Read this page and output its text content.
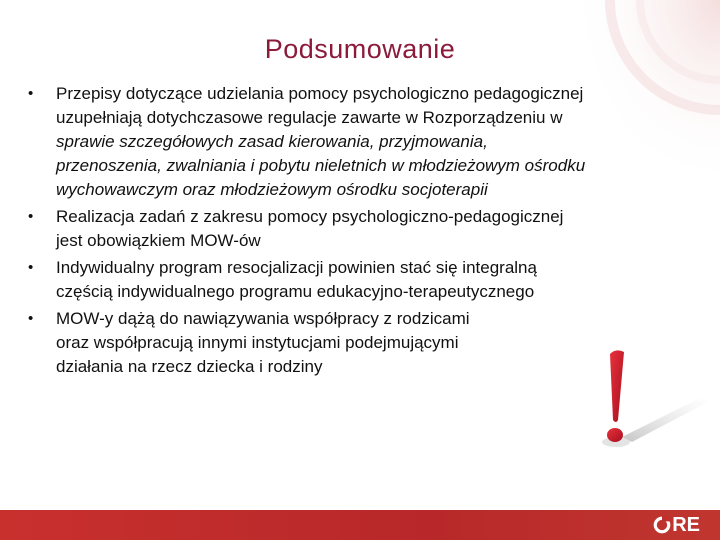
Podsumowanie
•	Przepisy dotyczące udzielania pomocy psychologiczno pedagogicznej
uzupełniają dotychczasowe regulacje zawarte w Rozporządzeniu w
sprawie szczegółowych zasad kierowania, przyjmowania,
przenoszenia, zwalniania i pobytu nieletnich w młodzieżowym ośrodku
wychowawczym oraz młodzieżowym ośrodku socjoterapii
•	Realizacja zadań z zakresu pomocy psychologiczno-pedagogicznej
jest obowiązkiem MOW-ów
•	Indywidualny program resocjalizacji powinien stać się integralną
częścią indywidualnego programu edukacyjno-terapeutycznego
•	MOW-y dążą do nawiązywania współpracy z rodzicami
oraz współpracują innymi instytucjami podejmującymi
działania na rzecz dziecka i rodziny
RE
